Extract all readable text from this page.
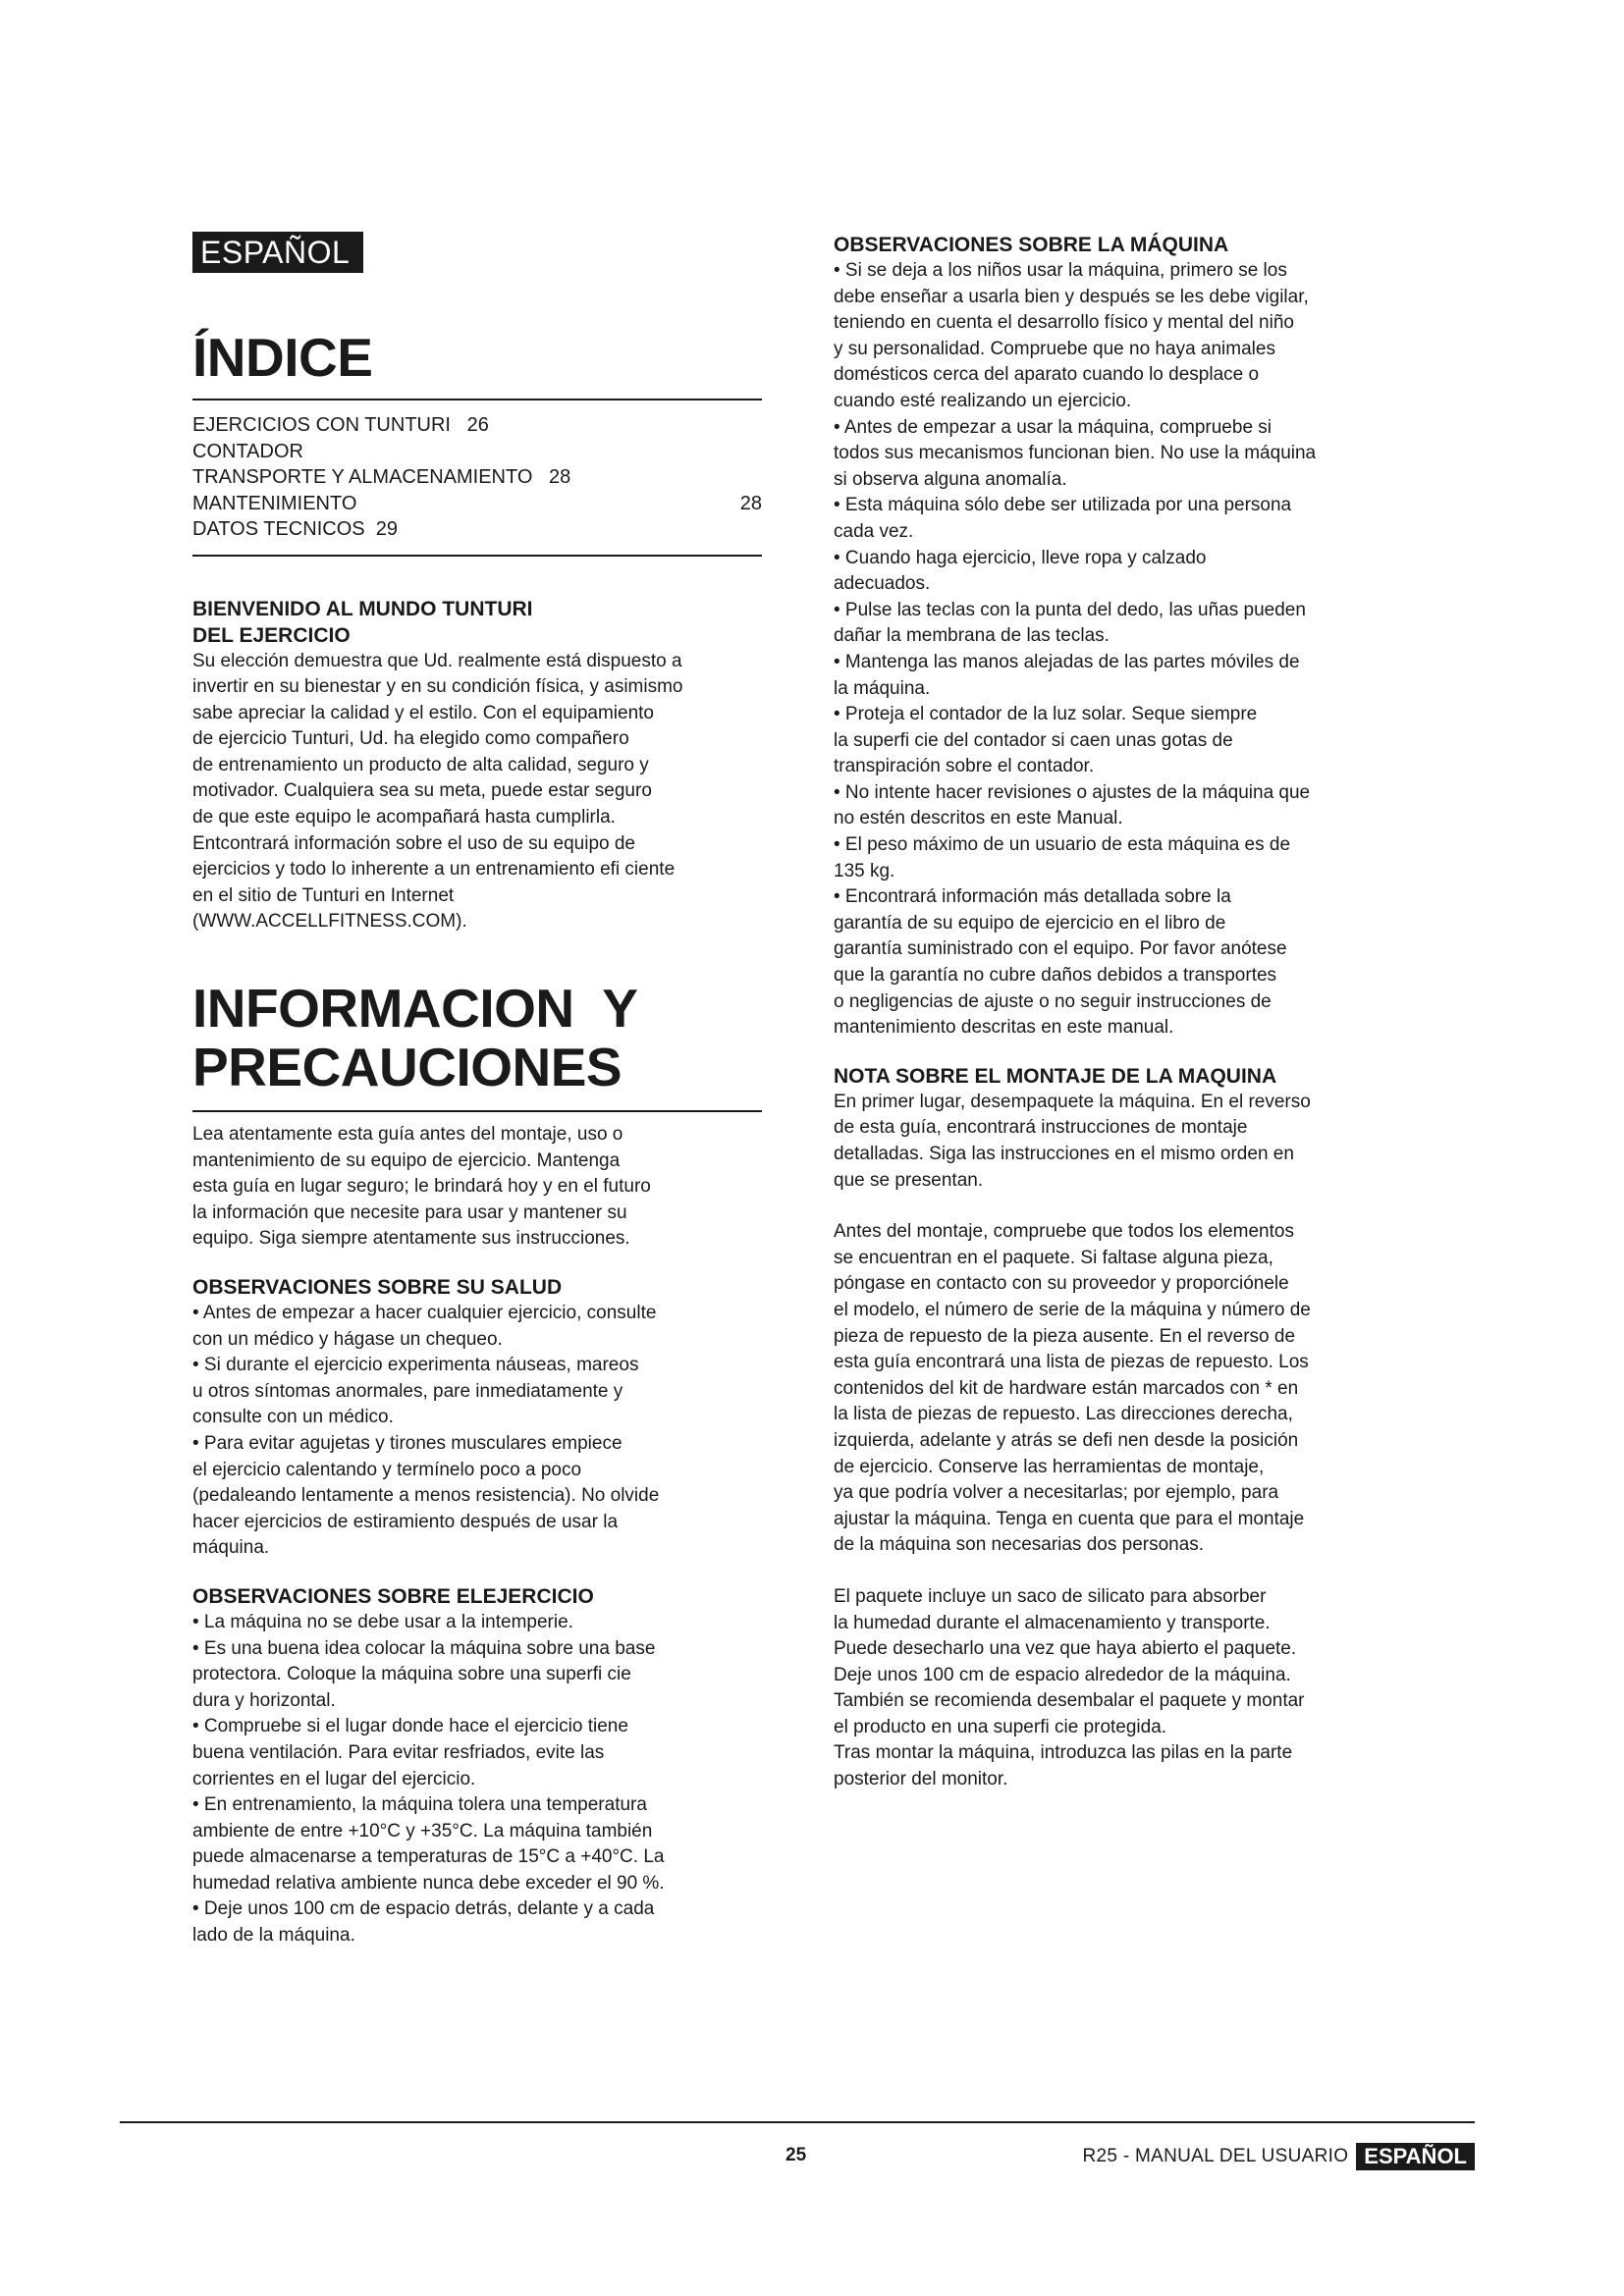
ESPAÑOL
ÍNDICE
EJERCICIOS CON TUNTURI   26
CONTADOR
TRANSPORTE Y ALMACENAMIENTO   28
MANTENIMIENTO	28
DATOS TECNICOS  29
BIENVENIDO AL MUNDO TUNTURI
DEL EJERCICIO

Su elección demuestra que Ud. realmente está dispuesto a
invertir en su bienestar y en su condición física, y asimismo
sabe apreciar la calidad y el estilo. Con el equipamiento
de ejercicio Tunturi, Ud. ha elegido como compañero
de entrenamiento un producto de alta calidad, seguro y
motivador. Cualquiera sea su meta, puede estar seguro
de que este equipo le acompañará hasta cumplirla.
Entcontrará información sobre el uso de su equipo de
ejercicios y todo lo inherente a un entrenamiento efi ciente
en el sitio de Tunturi en Internet
(WWW.ACCELLFITNESS.COM).

INFORMACION  Y
PRECAUCIONES

Lea atentamente esta guía antes del montaje, uso o
mantenimiento de su equipo de ejercicio. Mantenga
esta guía en lugar seguro; le brindará hoy y en el futuro
la información que necesite para usar y mantener su
equipo. Siga siempre atentamente sus instrucciones.

OBSERVACIONES SOBRE SU SALUD
• Antes de empezar a hacer cualquier ejercicio, consulte
con un médico y hágase un chequeo.
• Si durante el ejercicio experimenta náuseas, mareos
u otros síntomas anormales, pare inmediatamente y
consulte con un médico.
• Para evitar agujetas y tirones musculares empiece
el ejercicio calentando y termínelo poco a poco
(pedaleando lentamente a menos resistencia). No olvide
hacer ejercicios de estiramiento después de usar la
máquina.
OBSERVACIONES SOBRE ELEJERCICIO
• La máquina no se debe usar a la intemperie.
• Es una buena idea colocar la máquina sobre una base
protectora. Coloque la máquina sobre una superfi cie
dura y horizontal.
• Compruebe si el lugar donde hace el ejercicio tiene
buena ventilación. Para evitar resfriados, evite las
corrientes en el lugar del ejercicio.
• En entrenamiento, la máquina tolera una temperatura
ambiente de entre +10°C y +35°C. La máquina también
puede almacenarse a temperaturas de 15°C a +40°C. La
humedad relativa ambiente nunca debe exceder el 90 %.
• Deje unos 100 cm de espacio detrás, delante y a cada
lado de la máquina.
OBSERVACIONES SOBRE LA MÁQUINA
• Si se deja a los niños usar la máquina, primero se los
debe enseñar a usarla bien y después se les debe vigilar,
teniendo en cuenta el desarrollo físico y mental del niño
y su personalidad. Compruebe que no haya animales
domésticos cerca del aparato cuando lo desplace o
cuando esté realizando un ejercicio.
• Antes de empezar a usar la máquina, compruebe si
todos sus mecanismos funcionan bien. No use la máquina
si observa alguna anomalía.
• Esta máquina sólo debe ser utilizada por una persona
cada vez.
• Cuando haga ejercicio, lleve ropa y calzado
adecuados.
• Pulse las teclas con la punta del dedo, las uñas pueden
dañar la membrana de las teclas.
• Mantenga las manos alejadas de las partes móviles de
la máquina.
• Proteja el contador de la luz solar. Seque siempre
la superfi cie del contador si caen unas gotas de
transpiración sobre el contador.
• No intente hacer revisiones o ajustes de la máquina que
no estén descritos en este Manual.
• El peso máximo de un usuario de esta máquina es de
135 kg.
• Encontrará información más detallada sobre la
garantía de su equipo de ejercicio en el libro de
garantía suministrado con el equipo. Por favor anótese
que la garantía no cubre daños debidos a transportes
o negligencias de ajuste o no seguir instrucciones de
mantenimiento descritas en este manual.
NOTA SOBRE EL MONTAJE DE LA MAQUINA

En primer lugar, desempaquete la máquina. En el reverso
de esta guía, encontrará instrucciones de montaje
detalladas. Siga las instrucciones en el mismo orden en
que se presentan.

Antes del montaje, compruebe que todos los elementos
se encuentran en el paquete. Si faltase alguna pieza,
póngase en contacto con su proveedor y proporciónele
el modelo, el número de serie de la máquina y número de
pieza de repuesto de la pieza ausente. En el reverso de
esta guía encontrará una lista de piezas de repuesto. Los
contenidos del kit de hardware están marcados con * en
la lista de piezas de repuesto. Las direcciones derecha,
izquierda, adelante y atrás se defi nen desde la posición
de ejercicio. Conserve las herramientas de montaje,
ya que podría volver a necesitarlas; por ejemplo, para
ajustar la máquina. Tenga en cuenta que para el montaje
de la máquina son necesarias dos personas.

El paquete incluye un saco de silicato para absorber
la humedad durante el almacenamiento y transporte.
Puede desecharlo una vez que haya abierto el paquete.
Deje unos 100 cm de espacio alrededor de la máquina.
También se recomienda desembalar el paquete y montar
el producto en una superfi cie protegida.
Tras montar la máquina, introduzca las pilas en la parte
posterior del monitor.

25	R25 - MANUAL DEL USUARIO ESPAÑOL
